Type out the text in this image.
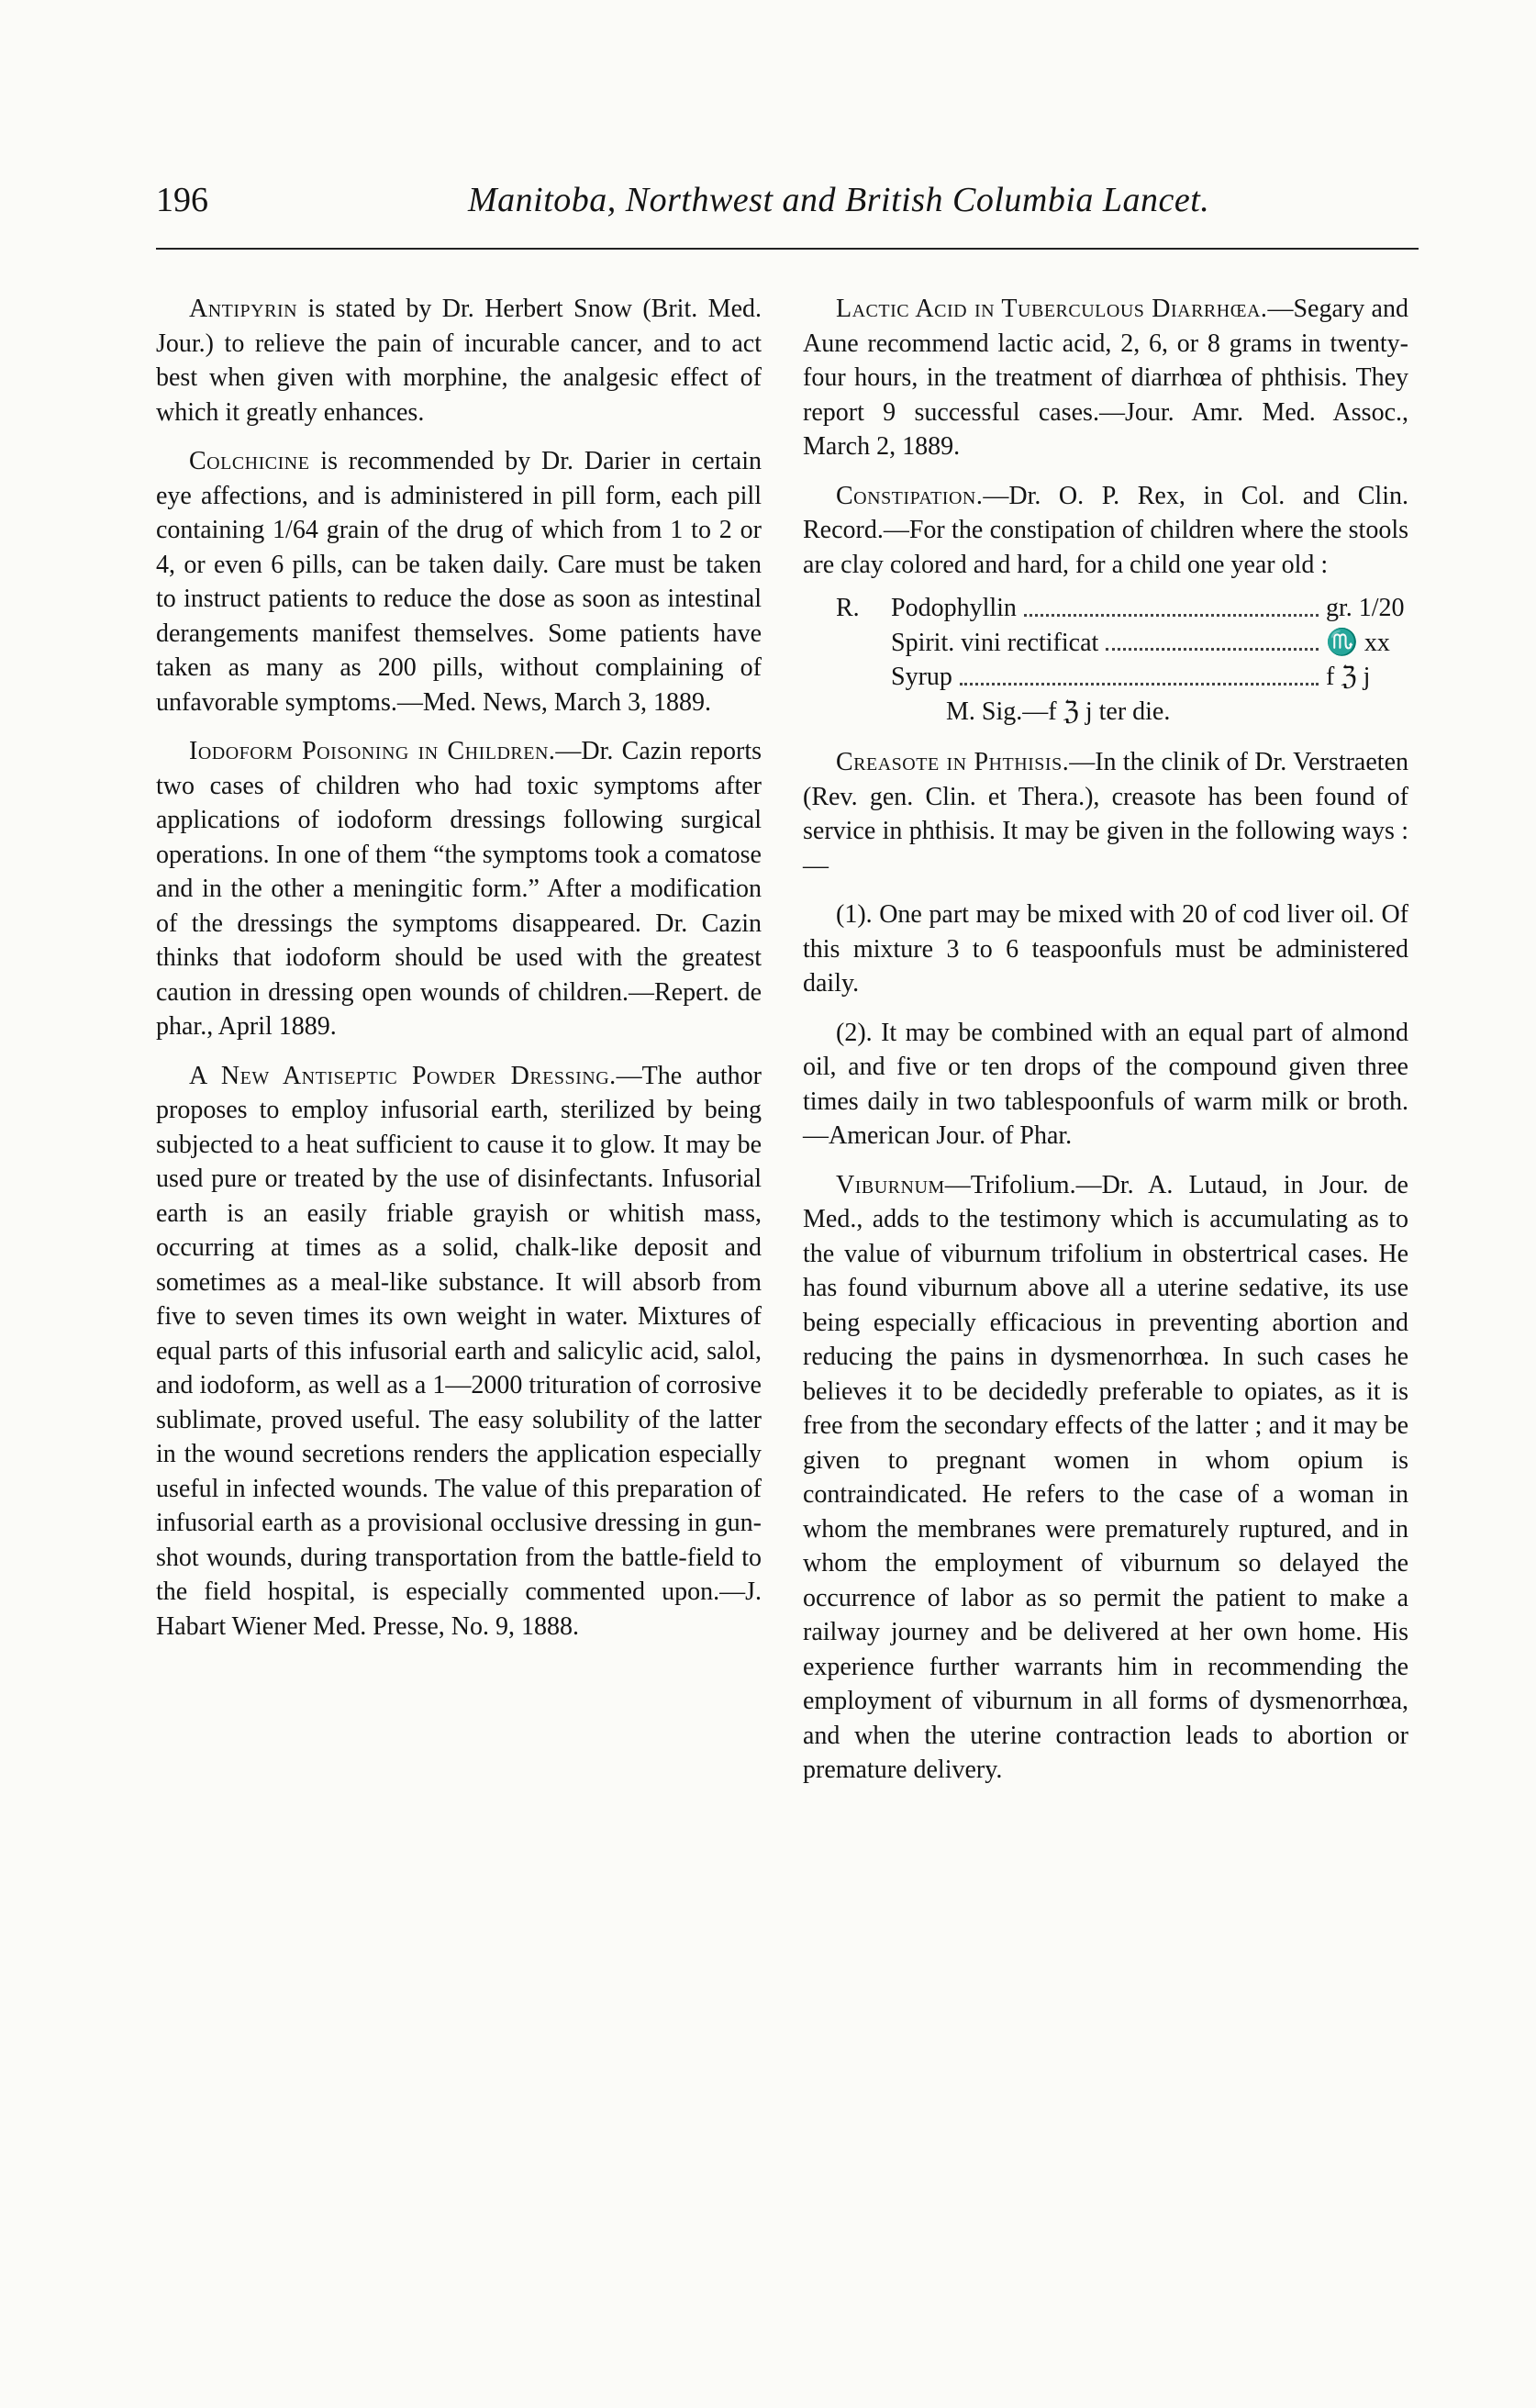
196	Manitoba, Northwest and British Columbia Lancet.

Antipyrin is stated by Dr. Herbert Snow (Brit. Med. Jour.) to relieve the pain of incurable cancer, and to act best when given with morphine, the analgesic effect of which it greatly enhances.

Colchicine is recommended by Dr. Darier in certain eye affections, and is administered in pill form, each pill containing 1/64 grain of the drug of which from 1 to 2 or 4, or even 6 pills, can be taken daily. Care must be taken to instruct patients to reduce the dose as soon as intestinal derangements manifest themselves. Some patients have taken as many as 200 pills, without complaining of unfavorable symptoms.—Med. News, March 3, 1889.

Iodoform Poisoning in Children.—Dr. Cazin reports two cases of children who had toxic symptoms after applications of iodoform dressings following surgical operations. In one of them “the symptoms took a comatose and in the other a meningitic form.” After a modification of the dressings the symptoms disappeared. Dr. Cazin thinks that iodoform should be used with the greatest caution in dressing open wounds of children.—Repert. de phar., April 1889.

A New Antiseptic Powder Dressing.—The author proposes to employ infusorial earth, sterilized by being subjected to a heat sufficient to cause it to glow. It may be used pure or treated by the use of disinfectants. Infusorial earth is an easily friable grayish or whitish mass, occurring at times as a solid, chalk-like deposit and sometimes as a meal-like substance. It will absorb from five to seven times its own weight in water. Mixtures of equal parts of this infusorial earth and salicylic acid, salol, and iodoform, as well as a 1—2000 trituration of corrosive sublimate, proved useful. The easy solubility of the latter in the wound secretions renders the application especially useful in infected wounds. The value of this preparation of infusorial earth as a provisional occlusive dressing in gun-shot wounds, during transportation from the battle-field to the field hospital, is especially commented upon.—J. Habart Wiener Med. Presse, No. 9, 1888.

Lactic Acid in Tuberculous Diarrhœa.—Segary and Aune recommend lactic acid, 2, 6, or 8 grams in twenty-four hours, in the treatment of diarrhœa of phthisis. They report 9 successful cases.—Jour. Amr. Med. Assoc., March 2, 1889.

Constipation.—Dr. O. P. Rex, in Col. and Clin. Record.—For the constipation of children where the stools are clay colored and hard, for a child one year old :

R.	Podophyllin	gr. 1/20
Spirit. vini rectificat	♏ xx
Syrup	f ℨ j
M. Sig.—f ℨ j ter die.

Creasote in Phthisis.—In the clinik of Dr. Verstraeten (Rev. gen. Clin. et Thera.), creasote has been found of service in phthisis. It may be given in the following ways :—

(1). One part may be mixed with 20 of cod liver oil. Of this mixture 3 to 6 teaspoonfuls must be administered daily.

(2). It may be combined with an equal part of almond oil, and five or ten drops of the compound given three times daily in two tablespoonfuls of warm milk or broth.—American Jour. of Phar.

Viburnum—Trifolium.—Dr. A. Lutaud, in Jour. de Med., adds to the testimony which is accumulating as to the value of viburnum trifolium in obstertrical cases. He has found viburnum above all a uterine sedative, its use being especially efficacious in preventing abortion and reducing the pains in dysmenorrhœa. In such cases he believes it to be decidedly preferable to opiates, as it is free from the secondary effects of the latter ; and it may be given to pregnant women in whom opium is contraindicated. He refers to the case of a woman in whom the membranes were prematurely ruptured, and in whom the employment of viburnum so delayed the occurrence of labor as so permit the patient to make a railway journey and be delivered at her own home. His experience further warrants him in recommending the employment of viburnum in all forms of dysmenorrhœa, and when the uterine contraction leads to abortion or premature delivery.
